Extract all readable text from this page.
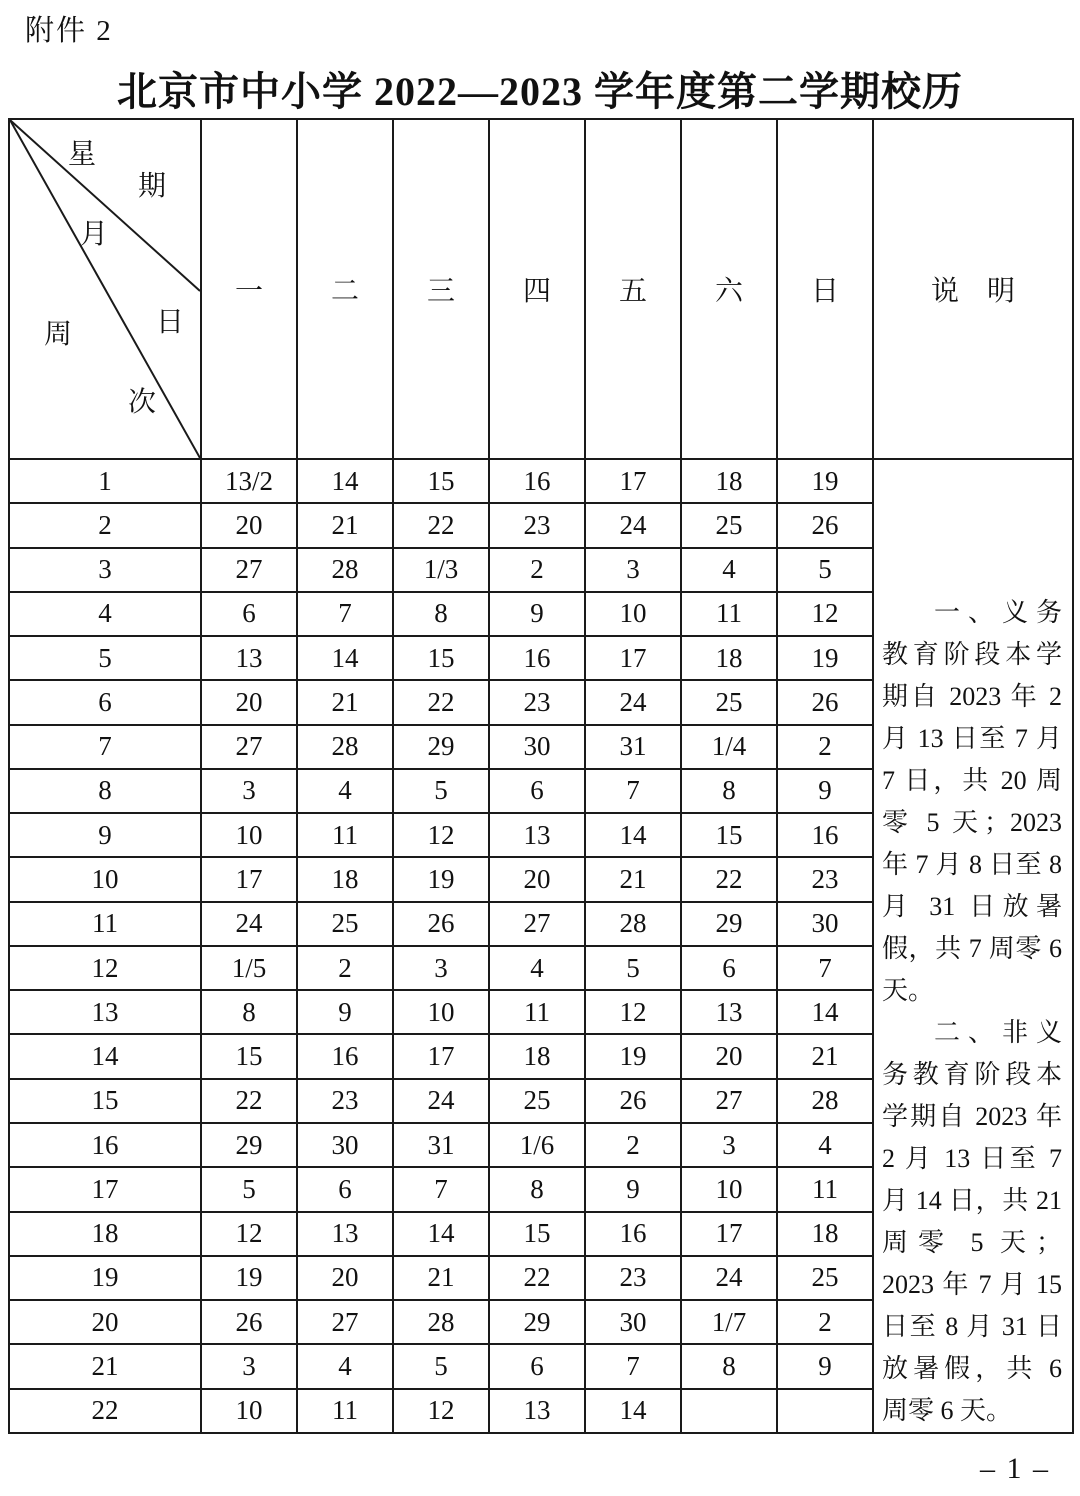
附件 2
北京市中小学 2022—2023 学年度第二学期校历
星
期
月
日
周
次
	一	二	三	四	五	六	日	说　明
1	13/2	14	15	16	17	18	19	一、义务教育阶段本学期自 2023 年 2 月 13 日至 7 月 7 日，共 20 周零 5 天；2023 年 7 月 8 日至 8 月 31 日放暑假，共 7 周零 6 天。

二、非义务教育阶段本学期自 2023 年 2 月 13 日至 7 月 14 日，共 21 周零 5 天；2023 年 7 月 15 日至 8 月 31 日放暑假，共 6 周零 6 天。

2	20	21	22	23	24	25	26	
3	27	28	1/3	2	3	4	5	
4	6	7	8	9	10	11	12	
5	13	14	15	16	17	18	19	
6	20	21	22	23	24	25	26	
7	27	28	29	30	31	1/4	2	
8	3	4	5	6	7	8	9	
9	10	11	12	13	14	15	16	
10	17	18	19	20	21	22	23	
11	24	25	26	27	28	29	30	
12	1/5	2	3	4	5	6	7	
13	8	9	10	11	12	13	14	
14	15	16	17	18	19	20	21	
15	22	23	24	25	26	27	28	
16	29	30	31	1/6	2	3	4	
17	5	6	7	8	9	10	11	
18	12	13	14	15	16	17	18	
19	19	20	21	22	23	24	25	
20	26	27	28	29	30	1/7	2	
21	3	4	5	6	7	8	9	
22	10	11	12	13	14			
– 1 –
